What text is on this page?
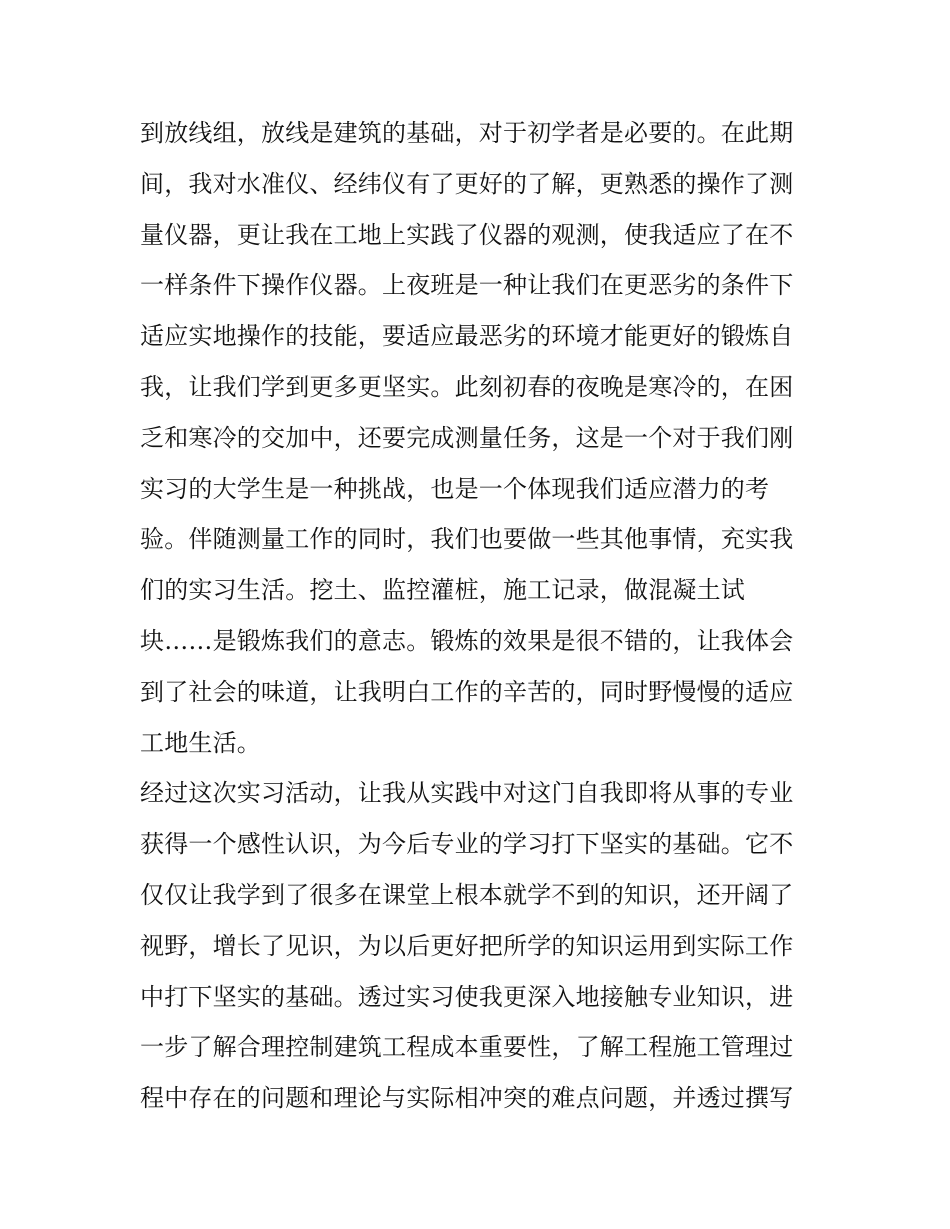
到放线组，放线是建筑的基础，对于初学者是必要的。在此期
间，我对水准仪、经纬仪有了更好的了解，更熟悉的操作了测
量仪器，更让我在工地上实践了仪器的观测，使我适应了在不
一样条件下操作仪器。上夜班是一种让我们在更恶劣的条件下
适应实地操作的技能，要适应最恶劣的环境才能更好的锻炼自
我，让我们学到更多更坚实。此刻初春的夜晚是寒冷的，在困
乏和寒冷的交加中，还要完成测量任务，这是一个对于我们刚
实习的大学生是一种挑战，也是一个体现我们适应潜力的考
验。伴随测量工作的同时，我们也要做一些其他事情，充实我
们的实习生活。挖土、监控灌桩，施工记录，做混凝土试
块……是锻炼我们的意志。锻炼的效果是很不错的，让我体会
到了社会的味道，让我明白工作的辛苦的，同时野慢慢的适应
工地生活。
经过这次实习活动，让我从实践中对这门自我即将从事的专业
获得一个感性认识，为今后专业的学习打下坚实的基础。它不
仅仅让我学到了很多在课堂上根本就学不到的知识，还开阔了
视野，增长了见识，为以后更好把所学的知识运用到实际工作
中打下坚实的基础。透过实习使我更深入地接触专业知识，进
一步了解合理控制建筑工程成本重要性，了解工程施工管理过
程中存在的问题和理论与实际相冲突的难点问题，并透过撰写
